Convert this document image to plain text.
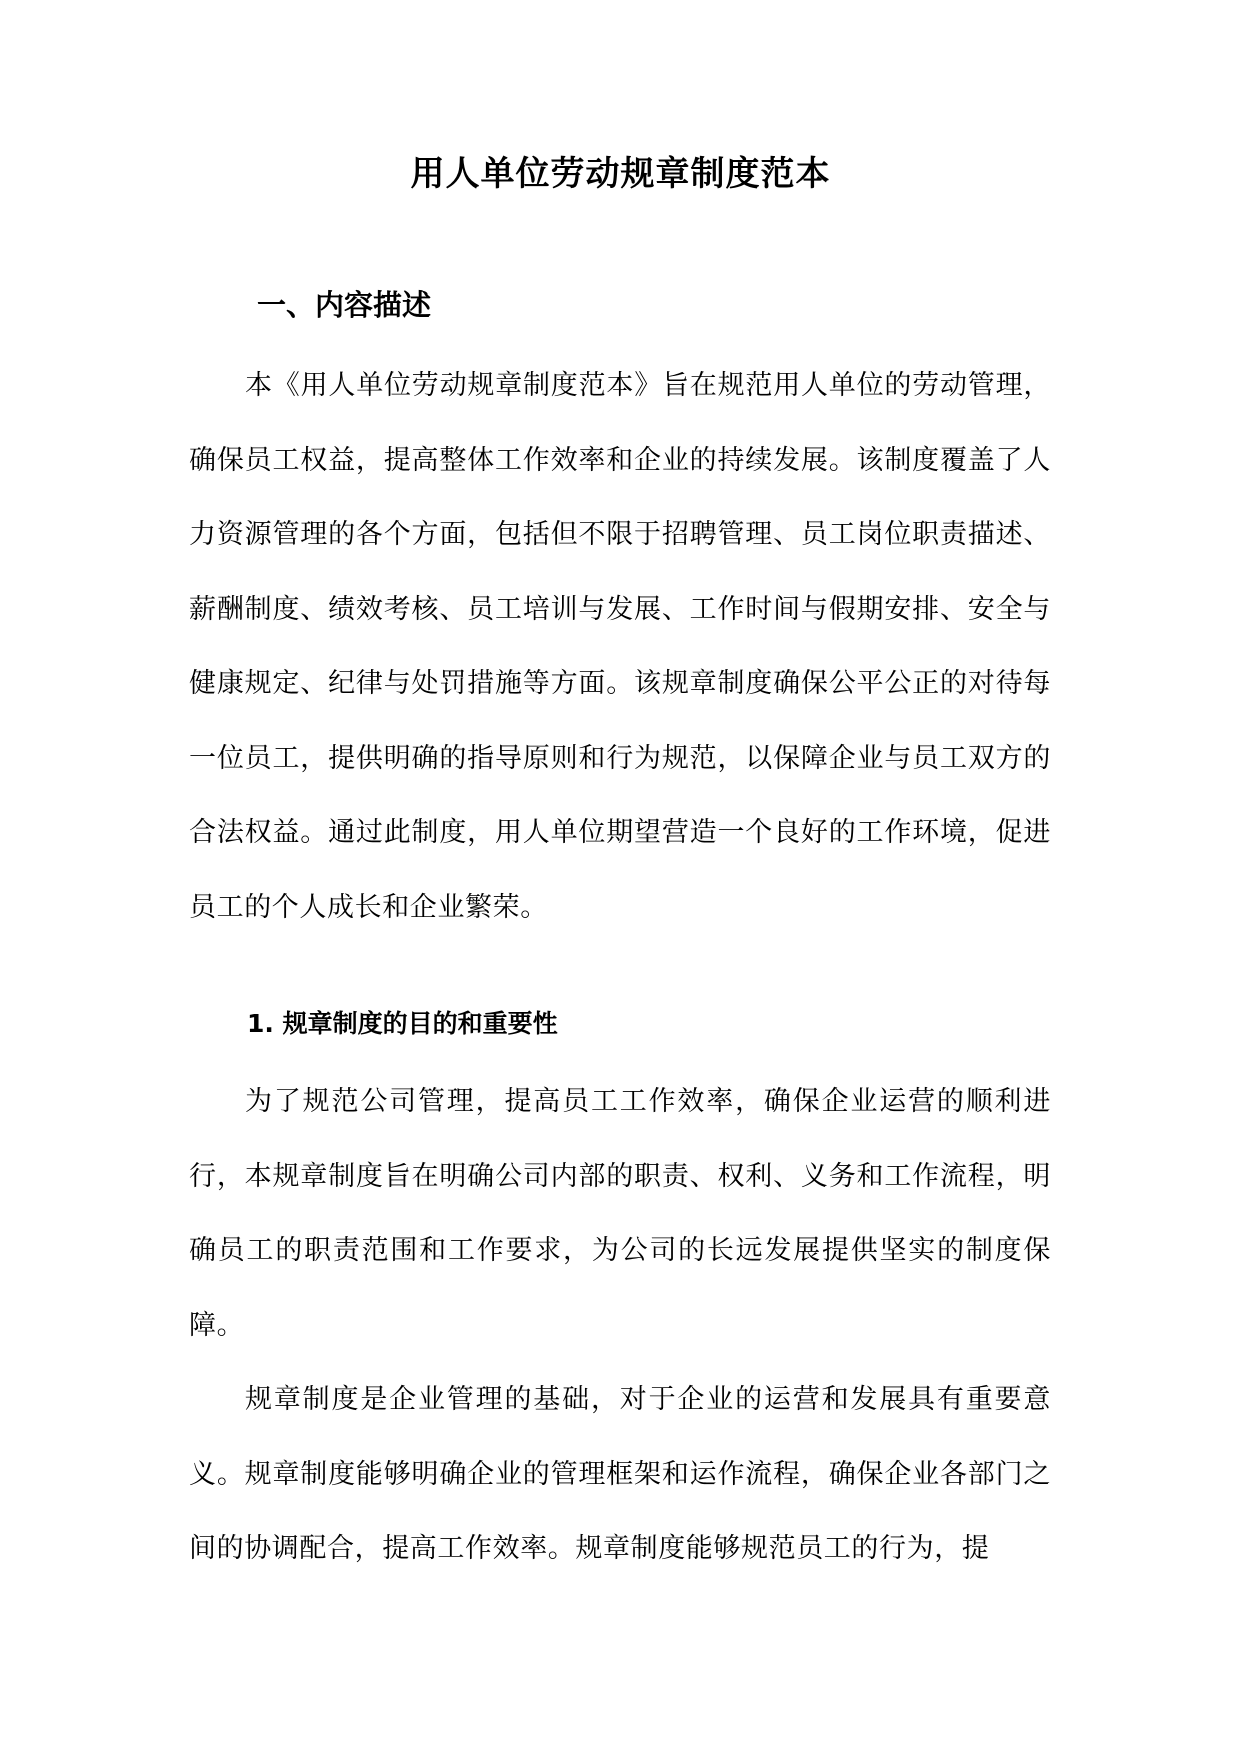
用人单位劳动规章制度范本
一、内容描述

本《用人单位劳动规章制度范本》旨在规范用人单位的劳动管理，确保员工权益，提高整体工作效率和企业的持续发展。该制度覆盖了人力资源管理的各个方面，包括但不限于招聘管理、员工岗位职责描述、薪酬制度、绩效考核、员工培训与发展、工作时间与假期安排、安全与健康规定、纪律与处罚措施等方面。该规章制度确保公平公正的对待每一位员工，提供明确的指导原则和行为规范，以保障企业与员工双方的合法权益。通过此制度，用人单位期望营造一个良好的工作环境，促进员工的个人成长和企业繁荣。

1. 规章制度的目的和重要性

为了规范公司管理，提高员工工作效率，确保企业运营的顺利进行，本规章制度旨在明确公司内部的职责、权利、义务和工作流程，明确员工的职责范围和工作要求，为公司的长远发展提供坚实的制度保障。

规章制度是企业管理的基础，对于企业的运营和发展具有重要意义。规章制度能够明确企业的管理框架和运作流程，确保企业各部门之间的协调配合，提高工作效率。规章制度能够规范员工的行为，提
